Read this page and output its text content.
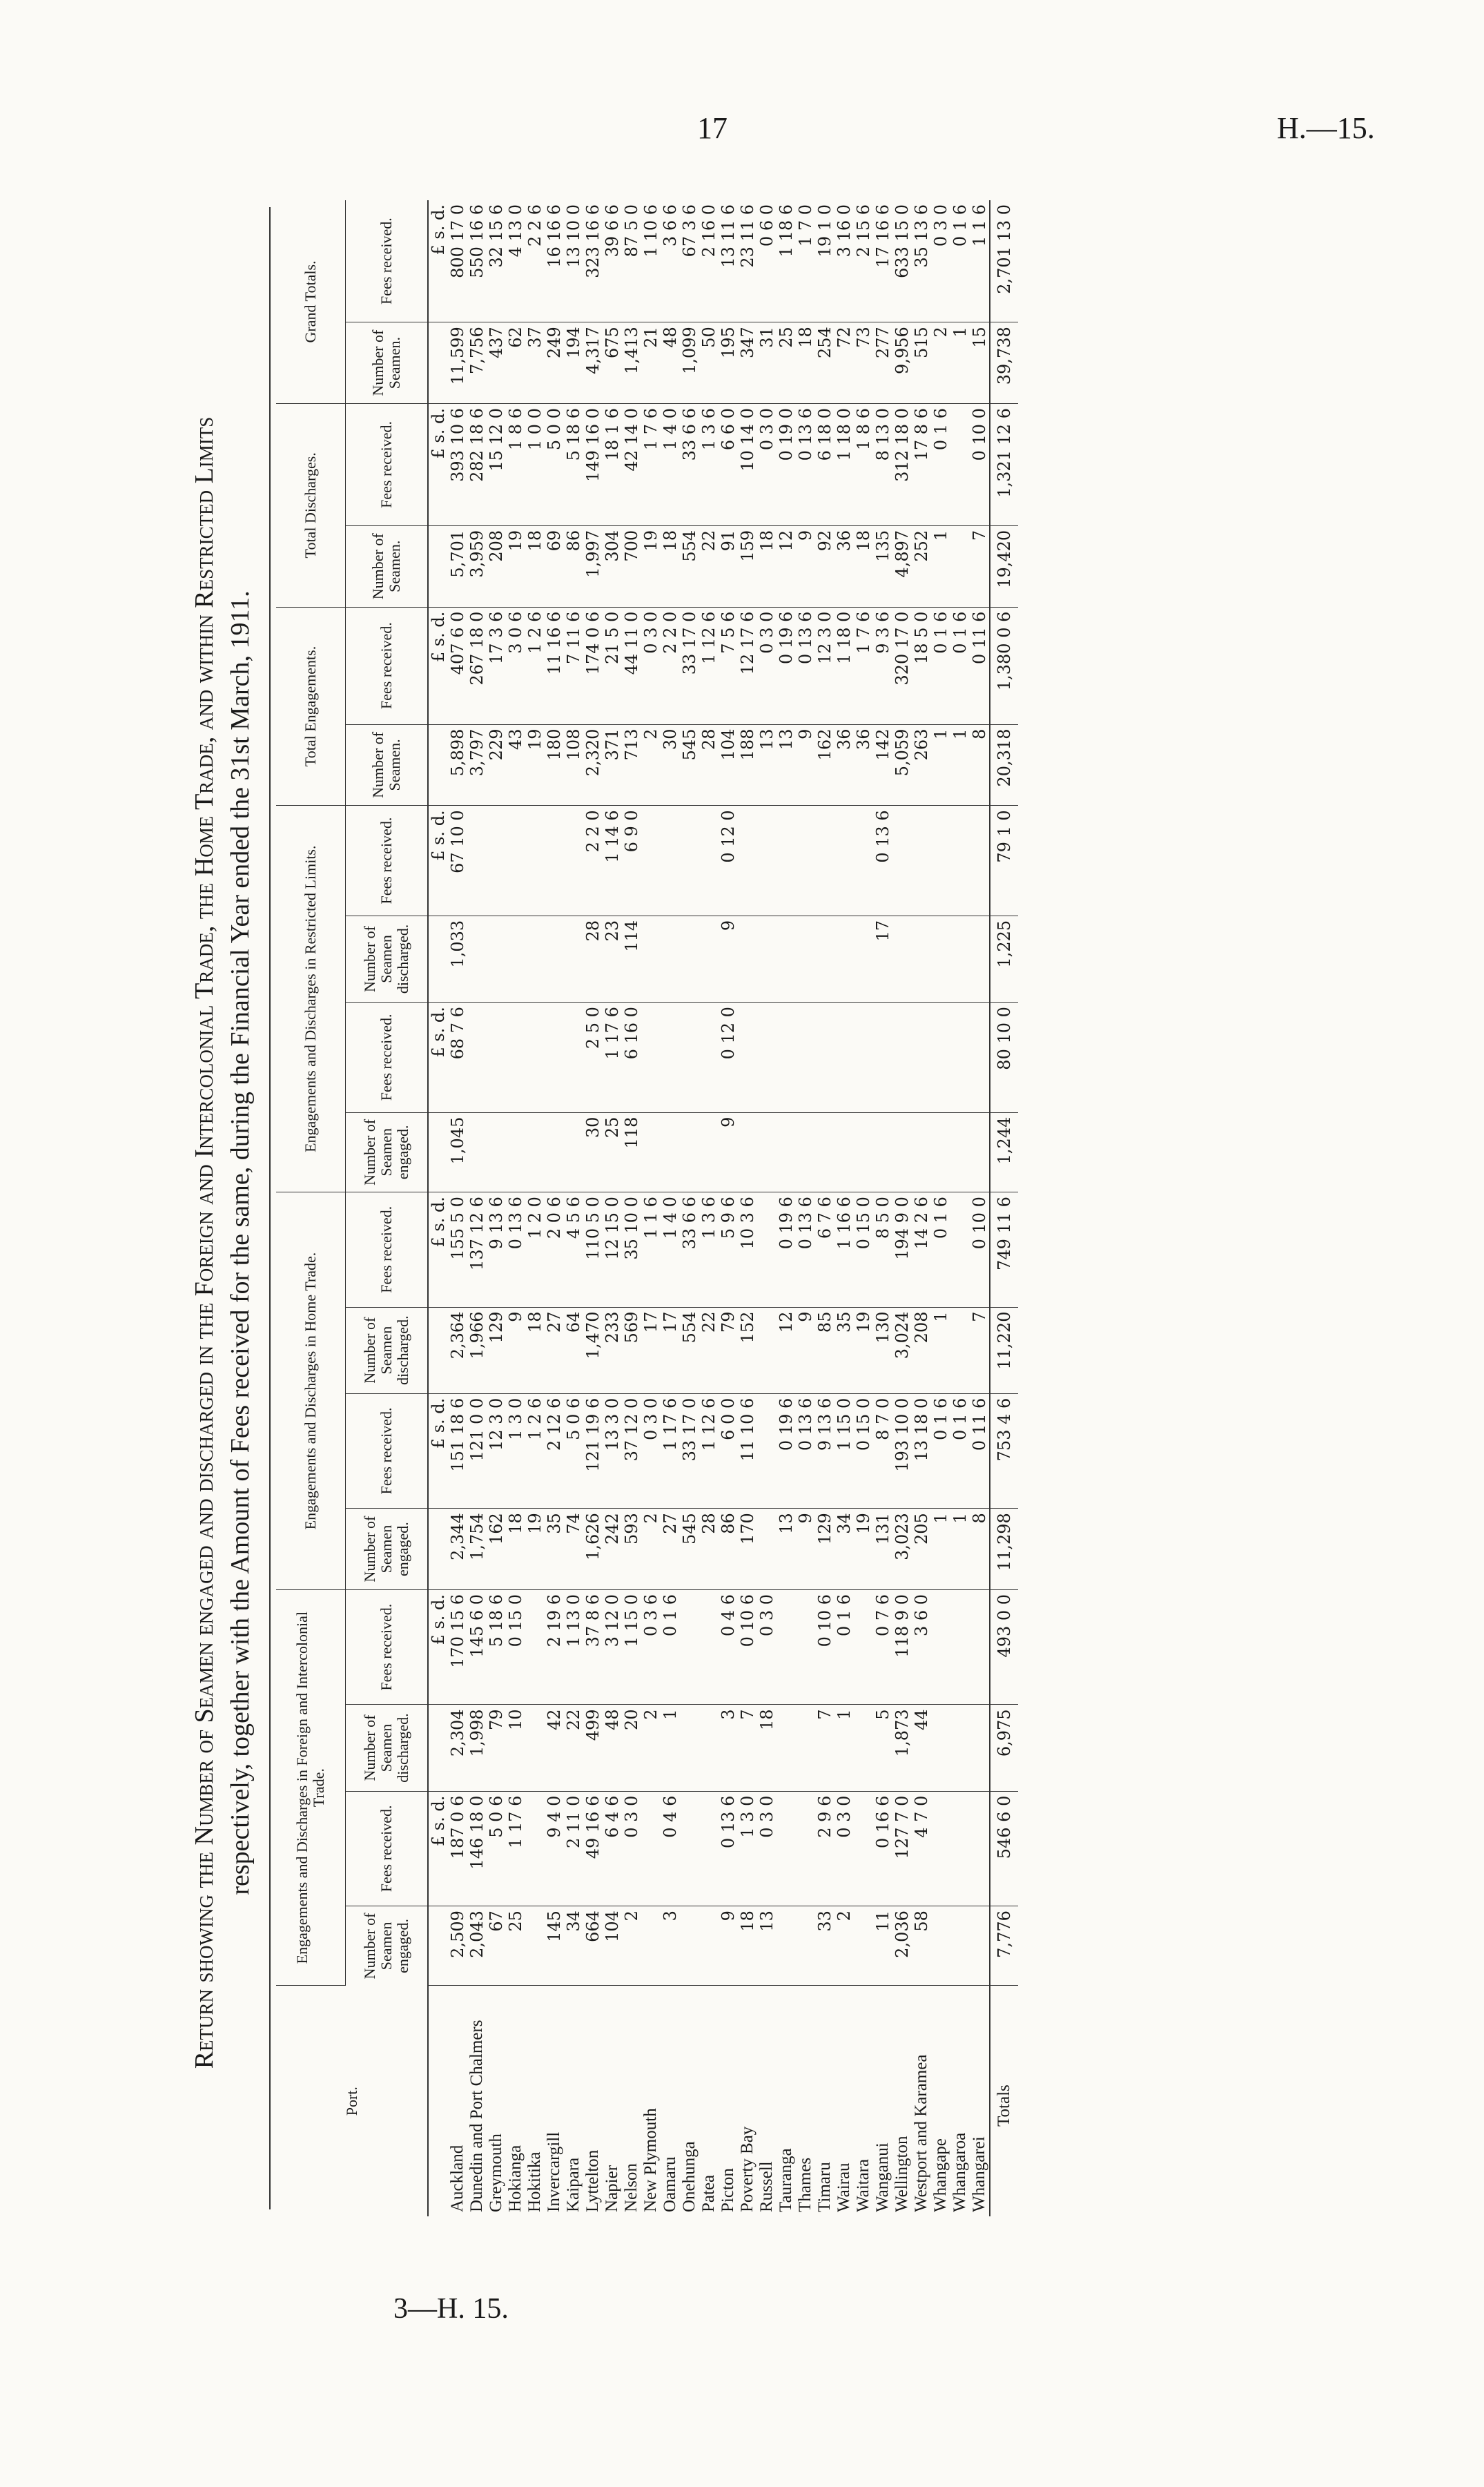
17	H.—15.
3—H. 15.
Return showing the Number of Seamen engaged and discharged in the Foreign and Intercolonial Trade, the Home Trade, and within Restricted Limits respectively, together with the Amount of Fees received for the same, during the Financial Year ended the 31st March, 1911.
Port.	Engagements and Discharges in Foreign and Intercolonial Trade.				Engagements and Discharges in Home Trade.				Engagements and Discharges in Restricted Limits.				Total Engagements.		Total Discharges.		Grand Totals.	
	Number of Seamen engaged.	Fees received.	Number of Seamen discharged.	Fees received.	Number of Seamen engaged.	Fees received.	Number of Seamen discharged.	Fees received.	Number of Seamen engaged.	Fees received.	Number of Seamen discharged.	Fees received.	Number of Seamen.	Fees received.	Number of Seamen.	Fees received.	Number of Seamen.	Fees received.
		£ s. d.		£ s. d.		£ s. d.		£ s. d.		£ s. d.		£ s. d.		£ s. d.		£ s. d.		£ s. d.
Auckland	2,509	187 0 6	2,304	170 15 6	2,344	151 18 6	2,364	155 5 0	1,045	68 7 6	1,033	67 10 0	5,898	407 6 0	5,701	393 10 6	11,599	800 17 0
Dunedin and Port Chalmers	2,043	146 18 0	1,998	145 6 0	1,754	121 0 0	1,966	137 12 6					3,797	267 18 0	3,959	282 18 6	7,756	550 16 6
Greymouth	67	5 0 6	79	5 18 6	162	12 3 0	129	9 13 6					229	17 3 6	208	15 12 0	437	32 15 6
Hokianga	25	1 17 6	10	0 15 0	18	1 3 0	9	0 13 6					43	3 0 6	19	1 8 6	62	4 13 0
Hokitika					19	1 2 6	18	1 2 0					19	1 2 6	18	1 0 0	37	2 2 6
Invercargill	145	9 4 0	42	2 19 6	35	2 12 6	27	2 0 6					180	11 16 6	69	5 0 0	249	16 16 6
Kaipara	34	2 11 0	22	1 13 0	74	5 0 6	64	4 5 6					108	7 11 6	86	5 18 6	194	13 10 0
Lyttelton	664	49 16 6	499	37 8 6	1,626	121 19 6	1,470	110 5 0	30	2 5 0	28	2 2 0	2,320	174 0 6	1,997	149 16 0	4,317	323 16 6
Napier	104	6 4 6	48	3 12 0	242	13 3 0	233	12 15 0	25	1 17 6	23	1 14 6	371	21 5 0	304	18 1 6	675	39 6 6
Nelson	2	0 3 0	20	1 15 0	593	37 12 0	569	35 10 0	118	6 16 0	114	6 9 0	713	44 11 0	700	42 14 0	1,413	87 5 0
New Plymouth			2	0 3 6	2	0 3 0	17	1 1 6					2	0 3 0	19	1 7 6	21	1 10 6
Oamaru	3	0 4 6	1	0 1 6	27	1 17 6	17	1 4 0					30	2 2 0	18	1 4 0	48	3 6 6
Onehunga					545	33 17 0	554	33 6 6					545	33 17 0	554	33 6 6	1,099	67 3 6
Patea					28	1 12 6	22	1 3 6					28	1 12 6	22	1 3 6	50	2 16 0
Picton	9	0 13 6	3	0 4 6	86	6 0 0	79	5 9 6	9	0 12 0	9	0 12 0	104	7 5 6	91	6 6 0	195	13 11 6
Poverty Bay	18	1 3 0	7	0 10 6	170	11 10 6	152	10 3 6					188	12 17 6	159	10 14 0	347	23 11 6
Russell	13	0 3 0	18	0 3 0									13	0 3 0	18	0 3 0	31	0 6 0
Tauranga					13	0 19 6	12	0 19 6					13	0 19 6	12	0 19 0	25	1 18 6
Thames					9	0 13 6	9	0 13 6					9	0 13 6	9	0 13 6	18	1 7 0
Timaru	33	2 9 6	7	0 10 6	129	9 13 6	85	6 7 6					162	12 3 0	92	6 18 0	254	19 1 0
Wairau	2	0 3 0	1	0 1 6	34	1 15 0	35	1 16 6					36	1 18 0	36	1 18 0	72	3 16 0
Waitara					19	0 15 0	19	0 15 0					36	1 7 6	18	1 8 6	73	2 15 6
Wanganui	11	0 16 6	5	0 7 6	131	8 7 0	130	8 5 0			17	0 13 6	142	9 3 6	135	8 13 0	277	17 16 6
Wellington	2,036	127 7 0	1,873	118 9 0	3,023	193 10 0	3,024	194 9 0					5,059	320 17 0	4,897	312 18 0	9,956	633 15 0
Westport and Karamea	58	4 7 0	44	3 6 0	205	13 18 0	208	14 2 6					263	18 5 0	252	17 8 6	515	35 13 6
Whangape					1	0 1 6	1	0 1 6					1	0 1 6	1	0 1 6	2	0 3 0
Whangaroa					1	0 1 6							1	0 1 6			1	0 1 6
Whangarei					8	0 11 6	7	0 10 0					8	0 11 6	7	0 10 0	15	1 1 6
Totals	7,776	546 6 0	6,975	493 0 0	11,298	753 4 6	11,220	749 11 6	1,244	80 10 0	1,225	79 1 0	20,318	1,380 0 6	19,420	1,321 12 6	39,738	2,701 13 0
